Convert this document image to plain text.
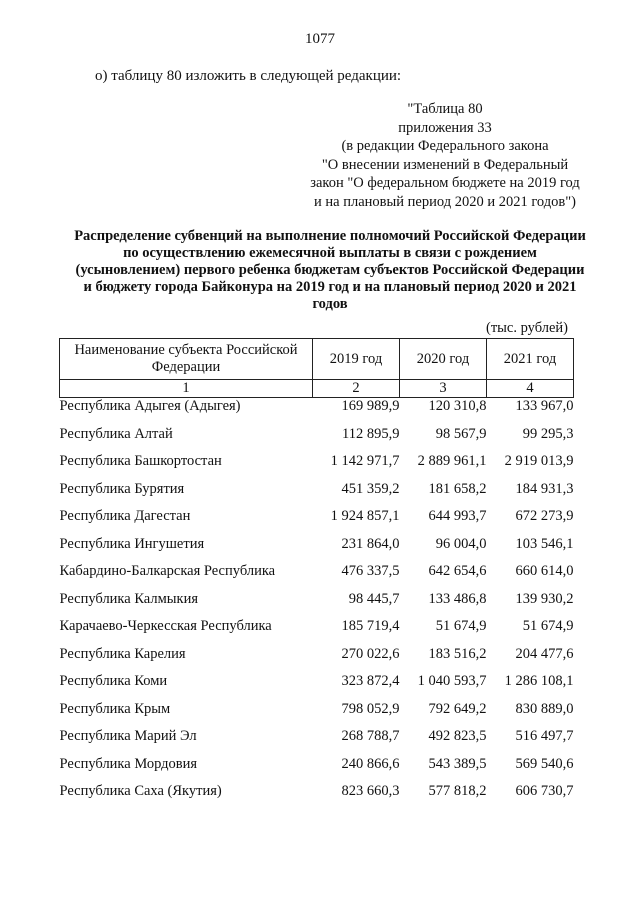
1077
о) таблицу 80 изложить в следующей редакции:
"Таблица 80
приложения 33
(в редакции Федерального закона
"О внесении изменений в Федеральный
закон "О федеральном бюджете на 2019 год
и на плановый период 2020 и 2021 годов")
Распределение субвенций на выполнение полномочий Российской Федерации по осуществлению ежемесячной выплаты в связи с рождением (усыновлением) первого ребенка бюджетам субъектов Российской Федерации и бюджету города Байконура на 2019 год и на плановый период 2020 и 2021 годов
(тыс. рублей)
Наименование субъекта Российской Федерации	2019 год	2020 год	2021 год
1	2	3	4
Республика Адыгея (Адыгея)	169 989,9	120 310,8	133 967,0
Республика Алтай	112 895,9	98 567,9	99 295,3
Республика Башкортостан	1 142 971,7	2 889 961,1	2 919 013,9
Республика Бурятия	451 359,2	181 658,2	184 931,3
Республика Дагестан	1 924 857,1	644 993,7	672 273,9
Республика Ингушетия	231 864,0	96 004,0	103 546,1
Кабардино-Балкарская Республика	476 337,5	642 654,6	660 614,0
Республика Калмыкия	98 445,7	133 486,8	139 930,2
Карачаево-Черкесская Республика	185 719,4	51 674,9	51 674,9
Республика Карелия	270 022,6	183 516,2	204 477,6
Республика Коми	323 872,4	1 040 593,7	1 286 108,1
Республика Крым	798 052,9	792 649,2	830 889,0
Республика Марий Эл	268 788,7	492 823,5	516 497,7
Республика Мордовия	240 866,6	543 389,5	569 540,6
Республика Саха (Якутия)	823 660,3	577 818,2	606 730,7
